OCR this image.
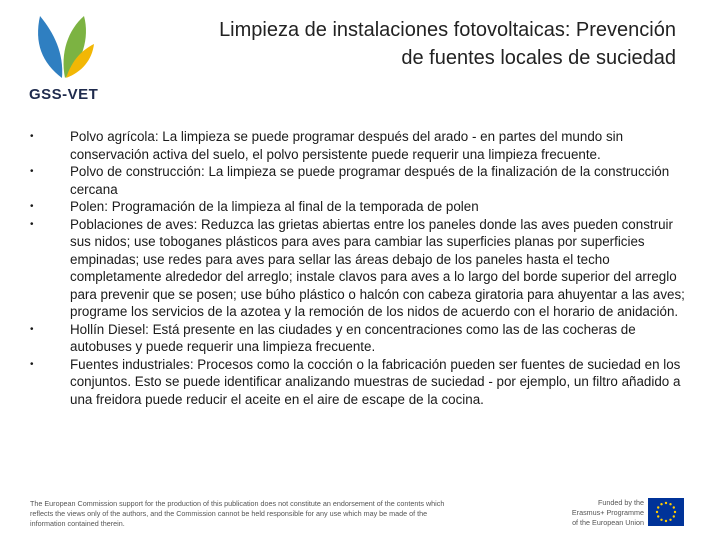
GSS-VET
Limpieza de instalaciones fotovoltaicas: Prevención
de fuentes locales de suciedad
•	Polvo agrícola: La limpieza se puede programar después del arado - en partes del mundo sin conservación activa del suelo, el polvo persistente puede requerir una limpieza frecuente.
•	Polvo de construcción: La limpieza se puede programar después de la finalización de la construcción cercana
•	Polen: Programación de la limpieza al final de la temporada de polen
•	Poblaciones de aves: Reduzca las grietas abiertas entre los paneles donde las aves pueden construir sus nidos; use toboganes plásticos para aves para cambiar las superficies planas por superficies empinadas; use redes para aves para sellar las áreas debajo de los paneles hasta el techo completamente alrededor del arreglo; instale clavos para aves a lo largo del borde superior del arreglo para prevenir que se posen; use búho plástico o halcón con cabeza giratoria para ahuyentar a las aves; programe los servicios de la azotea y la remoción de los nidos de acuerdo con el horario de anidación.
•	Hollín Diesel: Está presente en las ciudades y en concentraciones como las de las cocheras de autobuses y puede requerir una limpieza frecuente.
•	Fuentes industriales: Procesos como la cocción o la fabricación pueden ser fuentes de suciedad en los conjuntos. Esto se puede identificar analizando muestras de suciedad - por ejemplo, un filtro añadido a una freidora puede reducir el aceite en el aire de escape de la cocina.
The European Commission support for the production of this publication does not constitute an endorsement of the contents which reflects the views only of the authors, and the Commission cannot be held responsible for any use which may be made of the information contained therein.
Funded by the
Erasmus+ Programme
of the European Union
